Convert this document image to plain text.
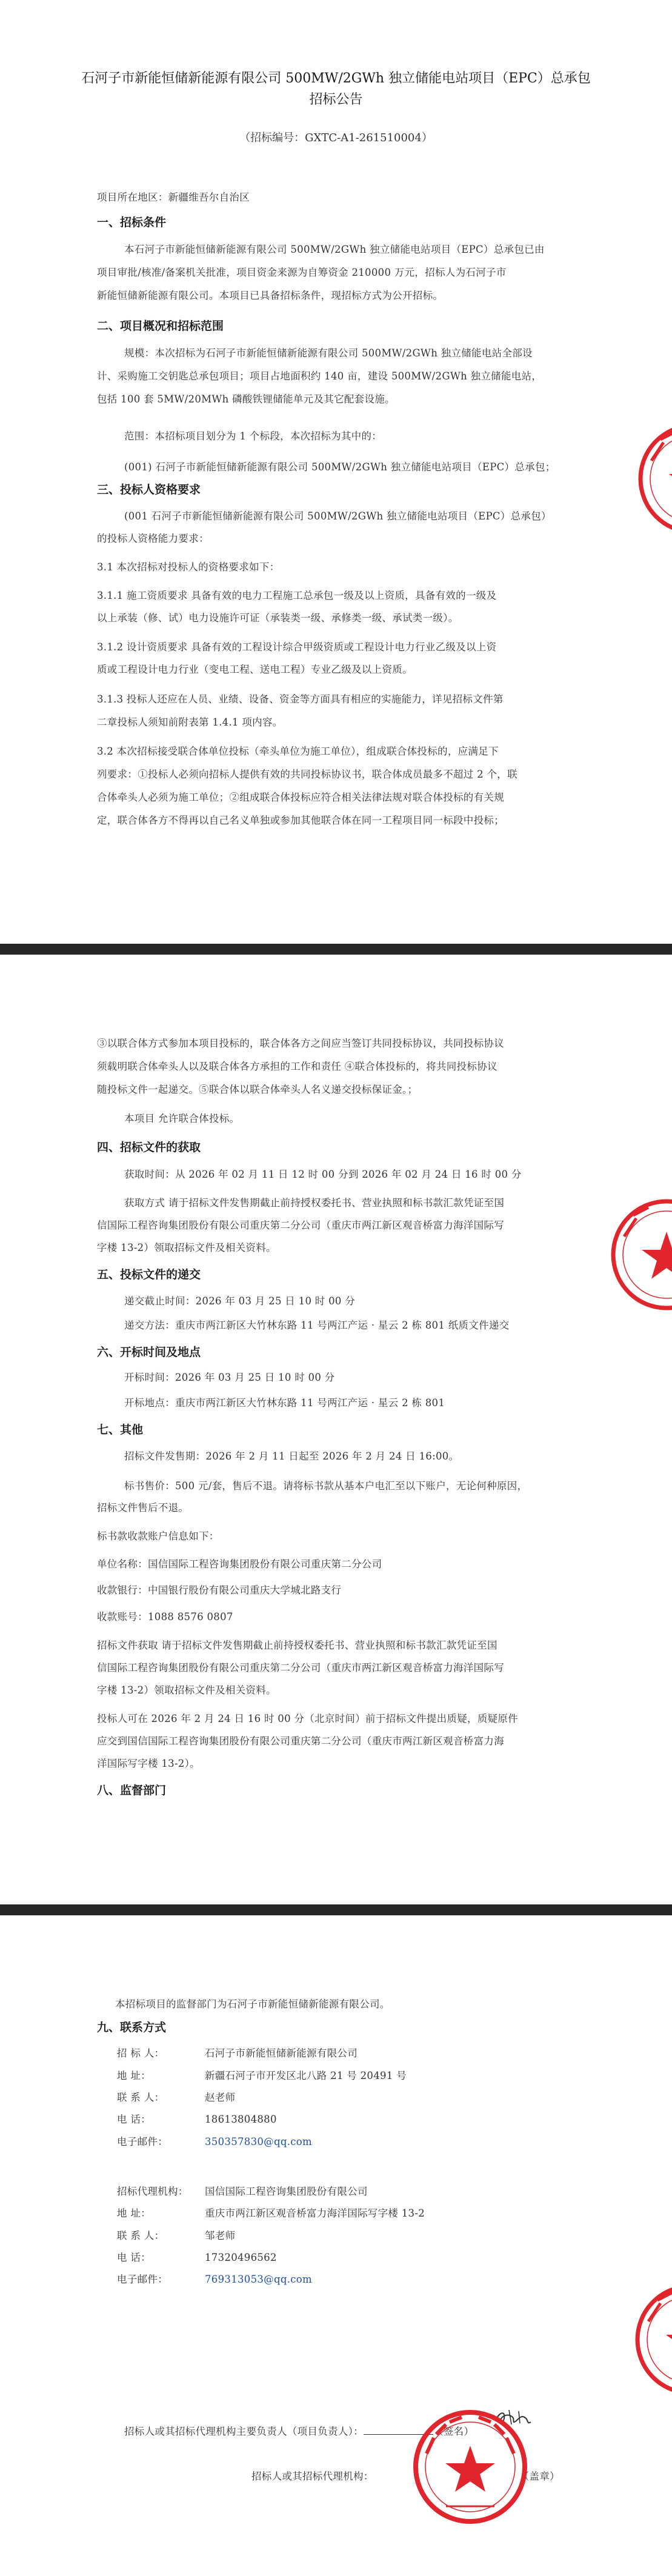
石河子市新能恒储新能源有限公司 500MW/2GWh 独立储能电站项目（EPC）总承包
招标公告
（招标编号：GXTC-A1-261510004）
项目所在地区：新疆维吾尔自治区
一、招标条件
本石河子市新能恒储新能源有限公司 500MW/2GWh 独立储能电站项目（EPC）总承包已由
项目审批/核准/备案机关批准，项目资金来源为自筹资金 210000 万元，招标人为石河子市
新能恒储新能源有限公司。本项目已具备招标条件，现招标方式为公开招标。
二、项目概况和招标范围
规模：本次招标为石河子市新能恒储新能源有限公司 500MW/2GWh 独立储能电站全部设
计、采购施工交钥匙总承包项目；项目占地面积约 140 亩，建设 500MW/2GWh 独立储能电站，
包括 100 套 5MW/20MWh 磷酸铁锂储能单元及其它配套设施。
范围：本招标项目划分为 1 个标段，本次招标为其中的：
(001) 石河子市新能恒储新能源有限公司 500MW/2GWh 独立储能电站项目（EPC）总承包；
三、投标人资格要求
(001 石河子市新能恒储新能源有限公司 500MW/2GWh 独立储能电站项目（EPC）总承包）
的投标人资格能力要求：
3.1 本次招标对投标人的资格要求如下：
3.1.1 施工资质要求 具备有效的电力工程施工总承包一级及以上资质，具备有效的一级及
以上承装（修、试）电力设施许可证（承装类一级、承修类一级、承试类一级）。
3.1.2 设计资质要求 具备有效的工程设计综合甲级资质或工程设计电力行业乙级及以上资
质或工程设计电力行业（变电工程、送电工程）专业乙级及以上资质。
3.1.3 投标人还应在人员、业绩、设备、资金等方面具有相应的实施能力，详见招标文件第
二章投标人须知前附表第 1.4.1 项内容。
3.2 本次招标接受联合体单位投标（牵头单位为施工单位），组成联合体投标的，应满足下
列要求：①投标人必须向招标人提供有效的共同投标协议书，联合体成员最多不超过 2 个，联
合体牵头人必须为施工单位；②组成联合体投标应符合相关法律法规对联合体投标的有关规
定，联合体各方不得再以自己名义单独或参加其他联合体在同一工程项目同一标段中投标；
③以联合体方式参加本项目投标的，联合体各方之间应当签订共同投标协议，共同投标协议
须载明联合体牵头人以及联合体各方承担的工作和责任 ④联合体投标的，将共同投标协议
随投标文件一起递交。⑤联合体以联合体牵头人名义递交投标保证金。；
本项目 允许联合体投标。
四、招标文件的获取
获取时间：从 2026 年 02 月 11 日 12 时 00 分到 2026 年 02 月 24 日 16 时 00 分
获取方式 请于招标文件发售期截止前持授权委托书、营业执照和标书款汇款凭证至国
信国际工程咨询集团股份有限公司重庆第二分公司（重庆市两江新区观音桥富力海洋国际写
字楼 13-2）领取招标文件及相关资料。
五、投标文件的递交
递交截止时间：2026 年 03 月 25 日 10 时 00 分
递交方法：重庆市两江新区大竹林东路 11 号两江产运 · 星云 2 栋 801 纸质文件递交
六、开标时间及地点
开标时间：2026 年 03 月 25 日 10 时 00 分
开标地点：重庆市两江新区大竹林东路 11 号两江产运 · 星云 2 栋 801
七、其他
招标文件发售期：2026 年 2 月 11 日起至 2026 年 2 月 24 日 16:00。
标书售价：500 元/套，售后不退。请将标书款从基本户电汇至以下账户，无论何种原因，
招标文件售后不退。
标书款收款账户信息如下：
单位名称：国信国际工程咨询集团股份有限公司重庆第二分公司
收款银行：中国银行股份有限公司重庆大学城北路支行
收款账号：1088 8576 0807
招标文件获取 请于招标文件发售期截止前持授权委托书、营业执照和标书款汇款凭证至国
信国际工程咨询集团股份有限公司重庆第二分公司（重庆市两江新区观音桥富力海洋国际写
字楼 13-2）领取招标文件及相关资料。
投标人可在 2026 年 2 月 24 日 16 时 00 分（北京时间）前于招标文件提出质疑，质疑原件
应交到国信国际工程咨询集团股份有限公司重庆第二分公司（重庆市两江新区观音桥富力海
洋国际写字楼 13-2）。
八、监督部门
本招标项目的监督部门为石河子市新能恒储新能源有限公司。
九、联系方式
招 标 人：	石河子市新能恒储新能源有限公司
地 址：	新疆石河子市开发区北八路 21 号 20491 号
联 系 人：	赵老师
电 话：	18613804880
电子邮件：	350357830@qq.com
招标代理机构： 国信国际工程咨询集团股份有限公司
地 址：	重庆市两江新区观音桥富力海洋国际写字楼 13-2
联 系 人：	邹老师
电 话：	17320496562
电子邮件：	769313053@qq.com
招标人或其招标代理机构主要负责人（项目负责人）：	（签名）
招标人或其招标代理机构：	（盖章）
